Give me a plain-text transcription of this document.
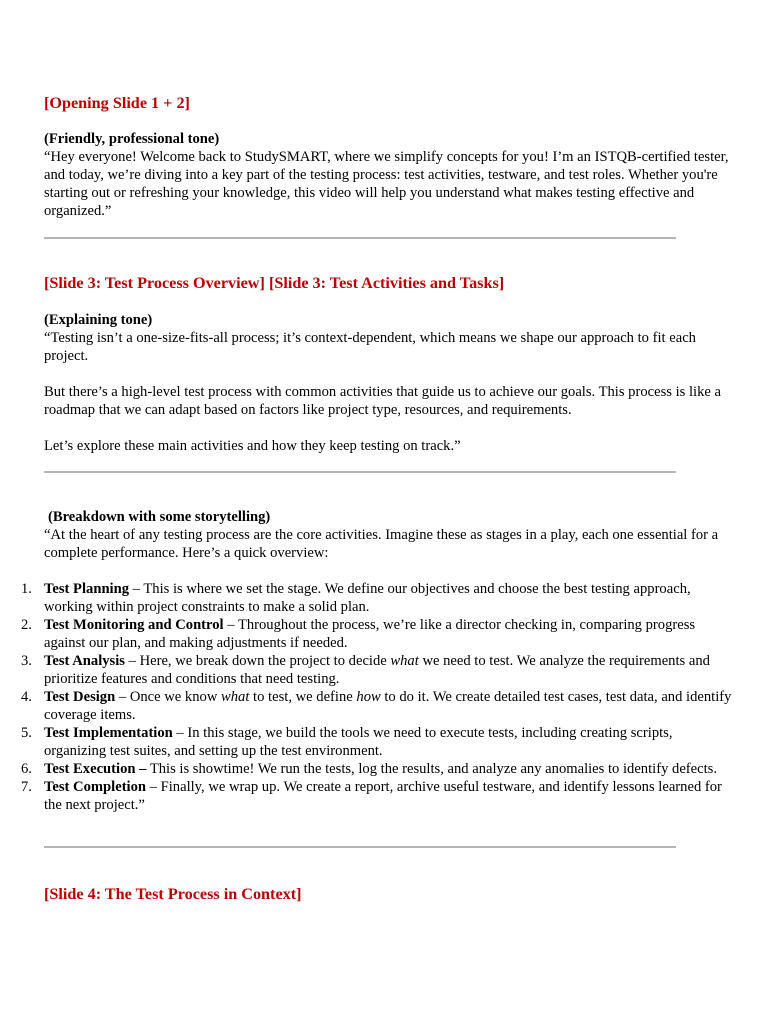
[Opening Slide 1 + 2]
(Friendly, professional tone)

“Hey everyone! Welcome back to StudySMART, where we simplify concepts for you! I’m an ISTQB-certified tester, and today, we’re diving into a key part of the testing process: test activities, testware, and test roles. Whether you're starting out or refreshing your knowledge, this video will help you understand what makes testing effective and organized.”

[Slide 3: Test Process Overview] [Slide 3: Test Activities and Tasks]
(Explaining tone)

“Testing isn’t a one-size-fits-all process; it’s context-dependent, which means we shape our approach to fit each project.

But there’s a high-level test process with common activities that guide us to achieve our goals. This process is like a roadmap that we can adapt based on factors like project type, resources, and requirements.

Let’s explore these main activities and how they keep testing on track.”

(Breakdown with some storytelling)

“At the heart of any testing process are the core activities. Imagine these as stages in a play, each one essential for a complete performance. Here’s a quick overview:

1. Test Planning – This is where we set the stage. We define our objectives and choose the best testing approach, working within project constraints to make a solid plan.
2. Test Monitoring and Control – Throughout the process, we’re like a director checking in, comparing progress against our plan, and making adjustments if needed.
3. Test Analysis – Here, we break down the project to decide what we need to test. We analyze the requirements and prioritize features and conditions that need testing.
4. Test Design – Once we know what to test, we define how to do it. We create detailed test cases, test data, and identify coverage items.
5. Test Implementation – In this stage, we build the tools we need to execute tests, including creating scripts, organizing test suites, and setting up the test environment.
6. Test Execution – This is showtime! We run the tests, log the results, and analyze any anomalies to identify defects.
7. Test Completion – Finally, we wrap up. We create a report, archive useful testware, and identify lessons learned for the next project.”
[Slide 4: The Test Process in Context]
